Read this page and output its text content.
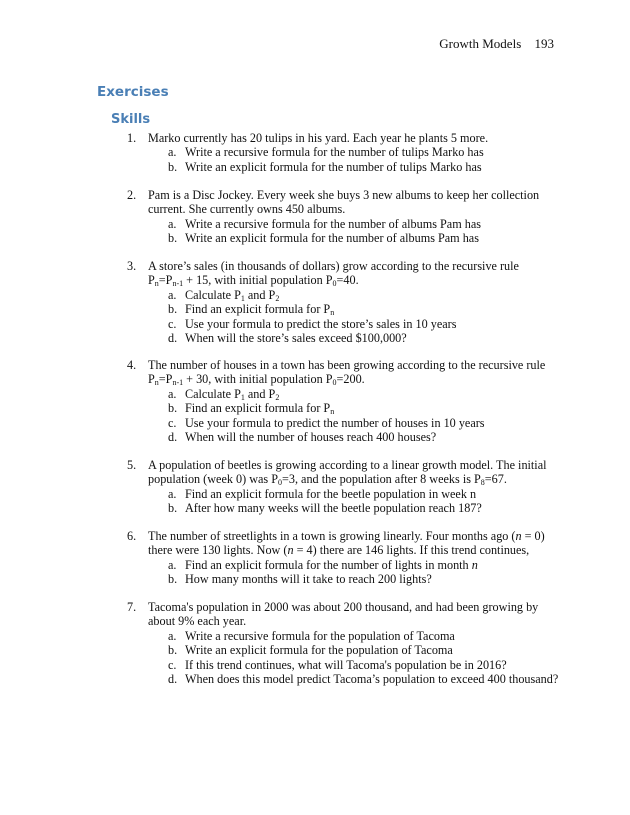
Growth Models 193
Exercises
Skills
1. Marko currently has 20 tulips in his yard. Each year he plants 5 more.
a. Write a recursive formula for the number of tulips Marko has
b. Write an explicit formula for the number of tulips Marko has
2. Pam is a Disc Jockey. Every week she buys 3 new albums to keep her collection
current. She currently owns 450 albums.
a. Write a recursive formula for the number of albums Pam has
b. Write an explicit formula for the number of albums Pam has
3. A store’s sales (in thousands of dollars) grow according to the recursive rule
$P_n=P_{n-1} + 15$, with initial population $P_0=40$.
a. Calculate $P_1$ and $P_2$
b. Find an explicit formula for $P_n$
c. Use your formula to predict the store’s sales in 10 years
d. When will the store’s sales exceed $100,000?
4. The number of houses in a town has been growing according to the recursive rule
$P_n=P_{n-1} + 30$, with initial population $P_0=200$.
a. Calculate $P_1$ and $P_2$
b. Find an explicit formula for $P_n$
c. Use your formula to predict the number of houses in 10 years
d. When will the number of houses reach 400 houses?
5. A population of beetles is growing according to a linear growth model. The initial
population (week 0) was $P_0=3$, and the population after 8 weeks is $P_8=67$.
a. Find an explicit formula for the beetle population in week n
b. After how many weeks will the beetle population reach 187?
6. The number of streetlights in a town is growing linearly. Four months ago (n = 0)
there were 130 lights. Now (n = 4) there are 146 lights. If this trend continues,
a. Find an explicit formula for the number of lights in month n
b. How many months will it take to reach 200 lights?
7. Tacoma's population in 2000 was about 200 thousand, and had been growing by
about 9% each year.
a. Write a recursive formula for the population of Tacoma
b. Write an explicit formula for the population of Tacoma
c. If this trend continues, what will Tacoma's population be in 2016?
d. When does this model predict Tacoma’s population to exceed 400 thousand?
